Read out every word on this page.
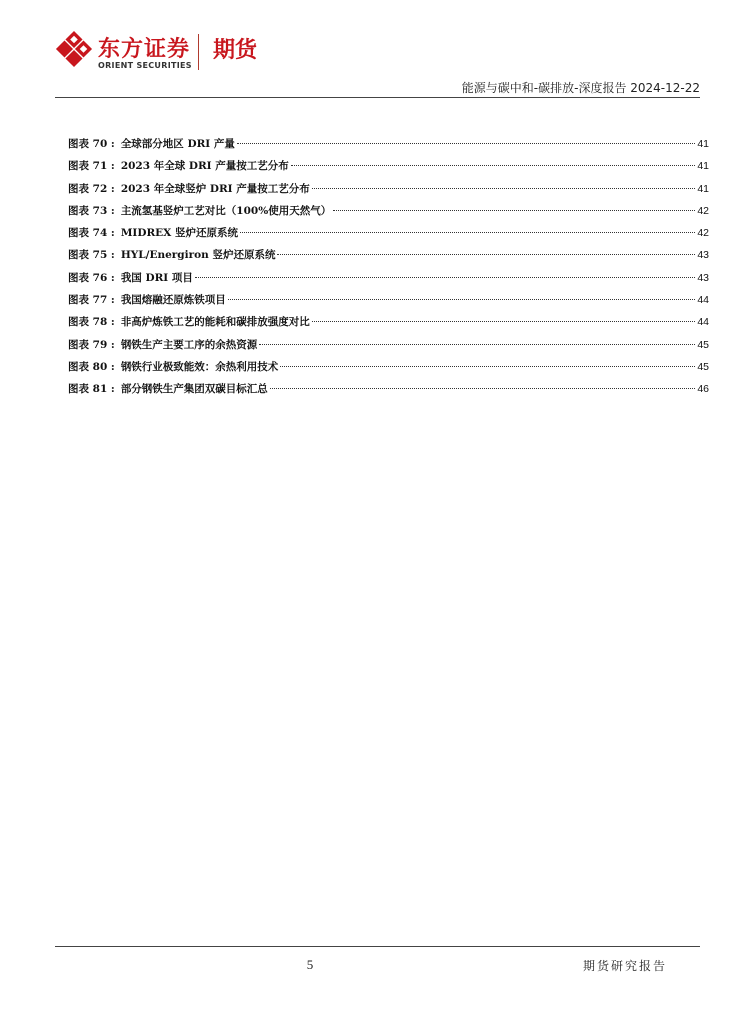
东方证券
ORIENT SECURITIES
期货
能源与碳中和-碳排放-深度报告 2024-12-22
图表 70 : 全球部分地区 DRI 产量	41
图表 71 : 2023 年全球 DRI 产量按工艺分布	41
图表 72 : 2023 年全球竖炉 DRI 产量按工艺分布	41
图表 73 : 主流氢基竖炉工艺对比（100%使用天然气）	42
图表 74 : MIDREX 竖炉还原系统	42
图表 75 : HYL/Energiron 竖炉还原系统	43
图表 76 : 我国 DRI 项目	43
图表 77 : 我国熔融还原炼铁项目	44
图表 78 : 非高炉炼铁工艺的能耗和碳排放强度对比	44
图表 79 : 钢铁生产主要工序的余热资源	45
图表 80 : 钢铁行业极致能效：余热利用技术	45
图表 81 : 部分钢铁生产集团双碳目标汇总	46
5	期货研究报告
